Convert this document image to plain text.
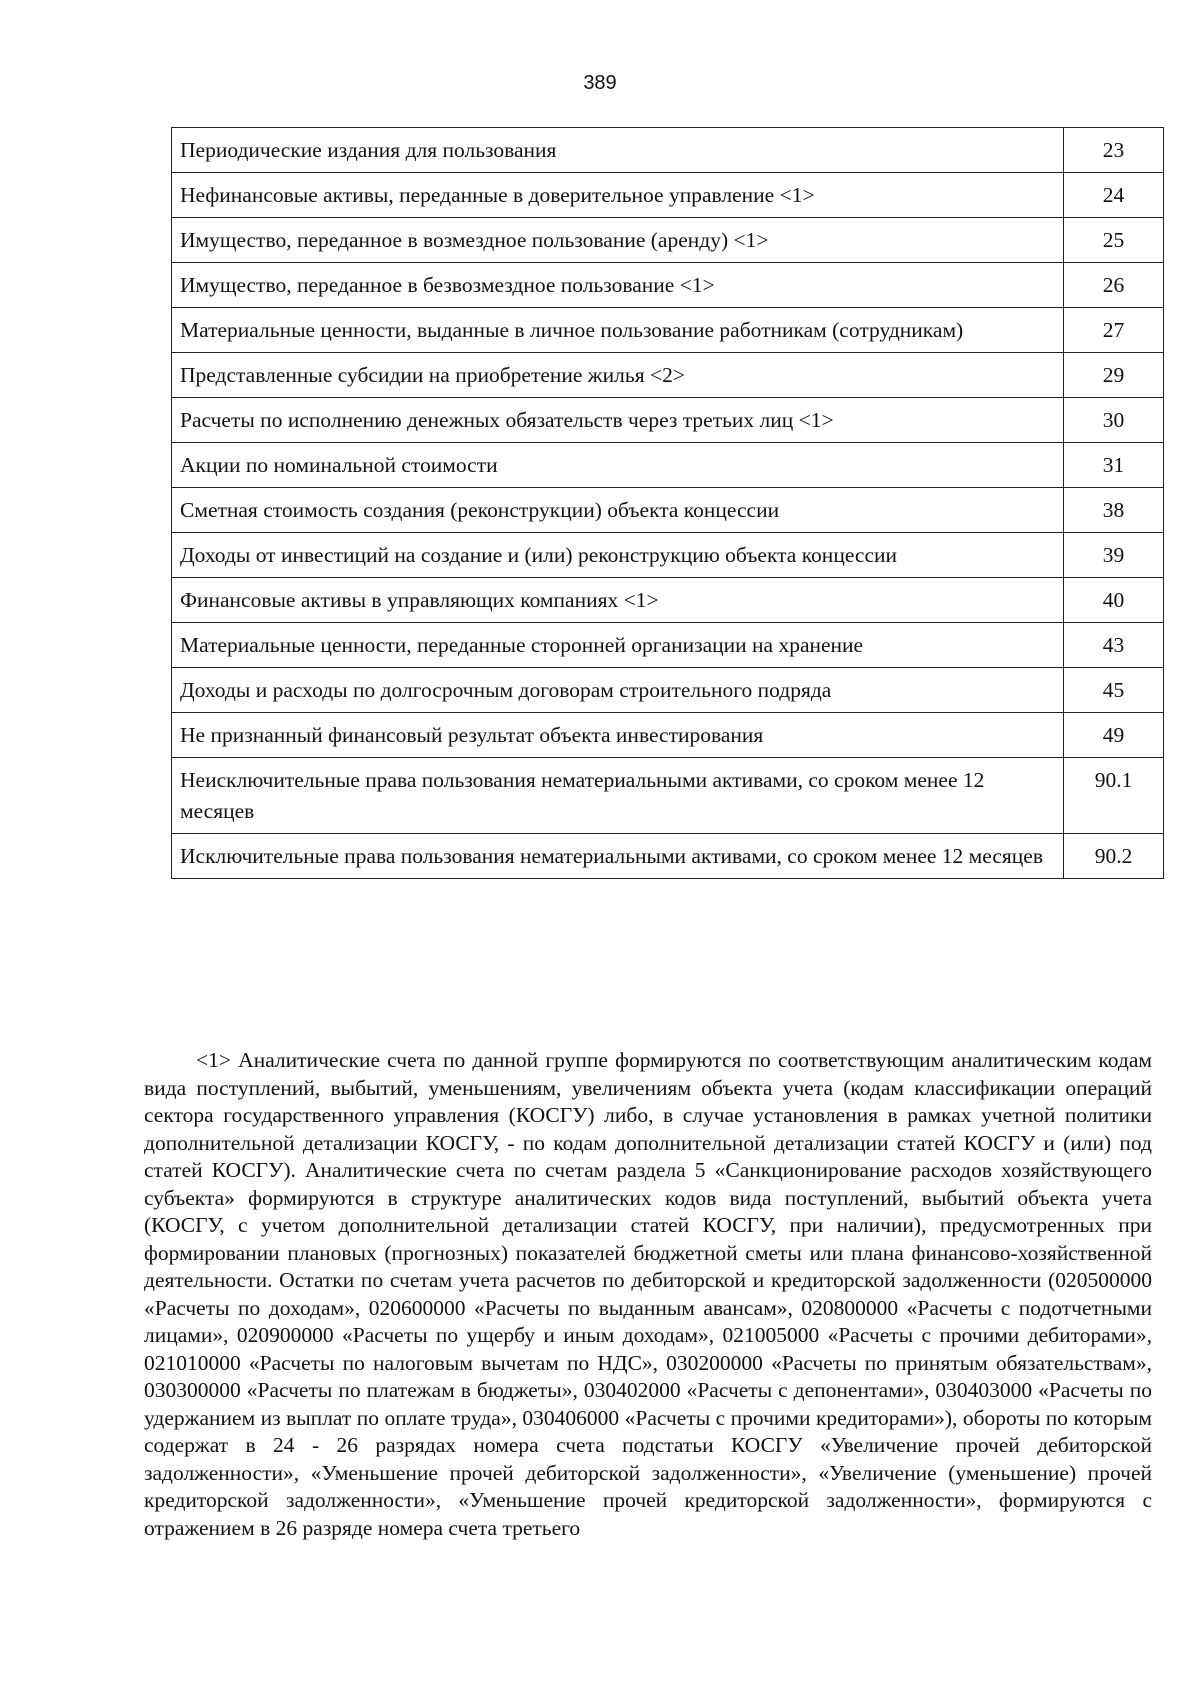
389
Периодические издания для пользования	23
Нефинансовые активы, переданные в доверительное управление <1>	24
Имущество, переданное в возмездное пользование (аренду) <1>	25
Имущество, переданное в безвозмездное пользование <1>	26
Материальные ценности, выданные в личное пользование работникам (сотрудникам)	27
Представленные субсидии на приобретение жилья <2>	29
Расчеты по исполнению денежных обязательств через третьих лиц <1>	30
Акции по номинальной стоимости	31
Сметная стоимость создания (реконструкции) объекта концессии	38
Доходы от инвестиций на создание и (или) реконструкцию объекта концессии	39
Финансовые активы в управляющих компаниях <1>	40
Материальные ценности, переданные сторонней организации на хранение	43
Доходы и расходы по долгосрочным договорам строительного подряда	45
Не признанный финансовый результат объекта инвестирования	49
Неисключительные права пользования нематериальными активами, со сроком менее 12 месяцев	90.1
Исключительные права пользования нематериальными активами, со сроком менее 12 месяцев	90.2

<1> Аналитические счета по данной группе формируются по соответствующим аналитическим кодам вида поступлений, выбытий, уменьшениям, увеличениям объекта учета (кодам классификации операций сектора государственного управления (КОСГУ) либо, в случае установления в рамках учетной политики дополнительной детализации КОСГУ, - по кодам дополнительной детализации статей КОСГУ и (или) под статей КОСГУ). Аналитические счета по счетам раздела 5 «Санкционирование расходов хозяйствующего субъекта» формируются в структуре аналитических кодов вида поступлений, выбытий объекта учета (КОСГУ, с учетом дополнительной детализации статей КОСГУ, при наличии), предусмотренных при формировании плановых (прогнозных) показателей бюджетной сметы или плана финансово-хозяйственной деятельности. Остатки по счетам учета расчетов по дебиторской и кредиторской задолженности (020500000 «Расчеты по доходам», 020600000 «Расчеты по выданным авансам», 020800000 «Расчеты с подотчетными лицами», 020900000 «Расчеты по ущербу и иным доходам», 021005000 «Расчеты с прочими дебиторами», 021010000 «Расчеты по налоговым вычетам по НДС», 030200000 «Расчеты по принятым обязательствам», 030300000 «Расчеты по платежам в бюджеты», 030402000 «Расчеты с депонентами», 030403000 «Расчеты по удержанием из выплат по оплате труда», 030406000 «Расчеты с прочими кредиторами»), обороты по которым содержат в 24 - 26 разрядах номера счета подстатьи КОСГУ «Увеличение прочей дебиторской задолженности», «Уменьшение прочей дебиторской задолженности», «Увеличение (уменьшение) прочей кредиторской задолженности», «Уменьшение прочей кредиторской задолженности», формируются с отражением в 26 разряде номера счета третьего
